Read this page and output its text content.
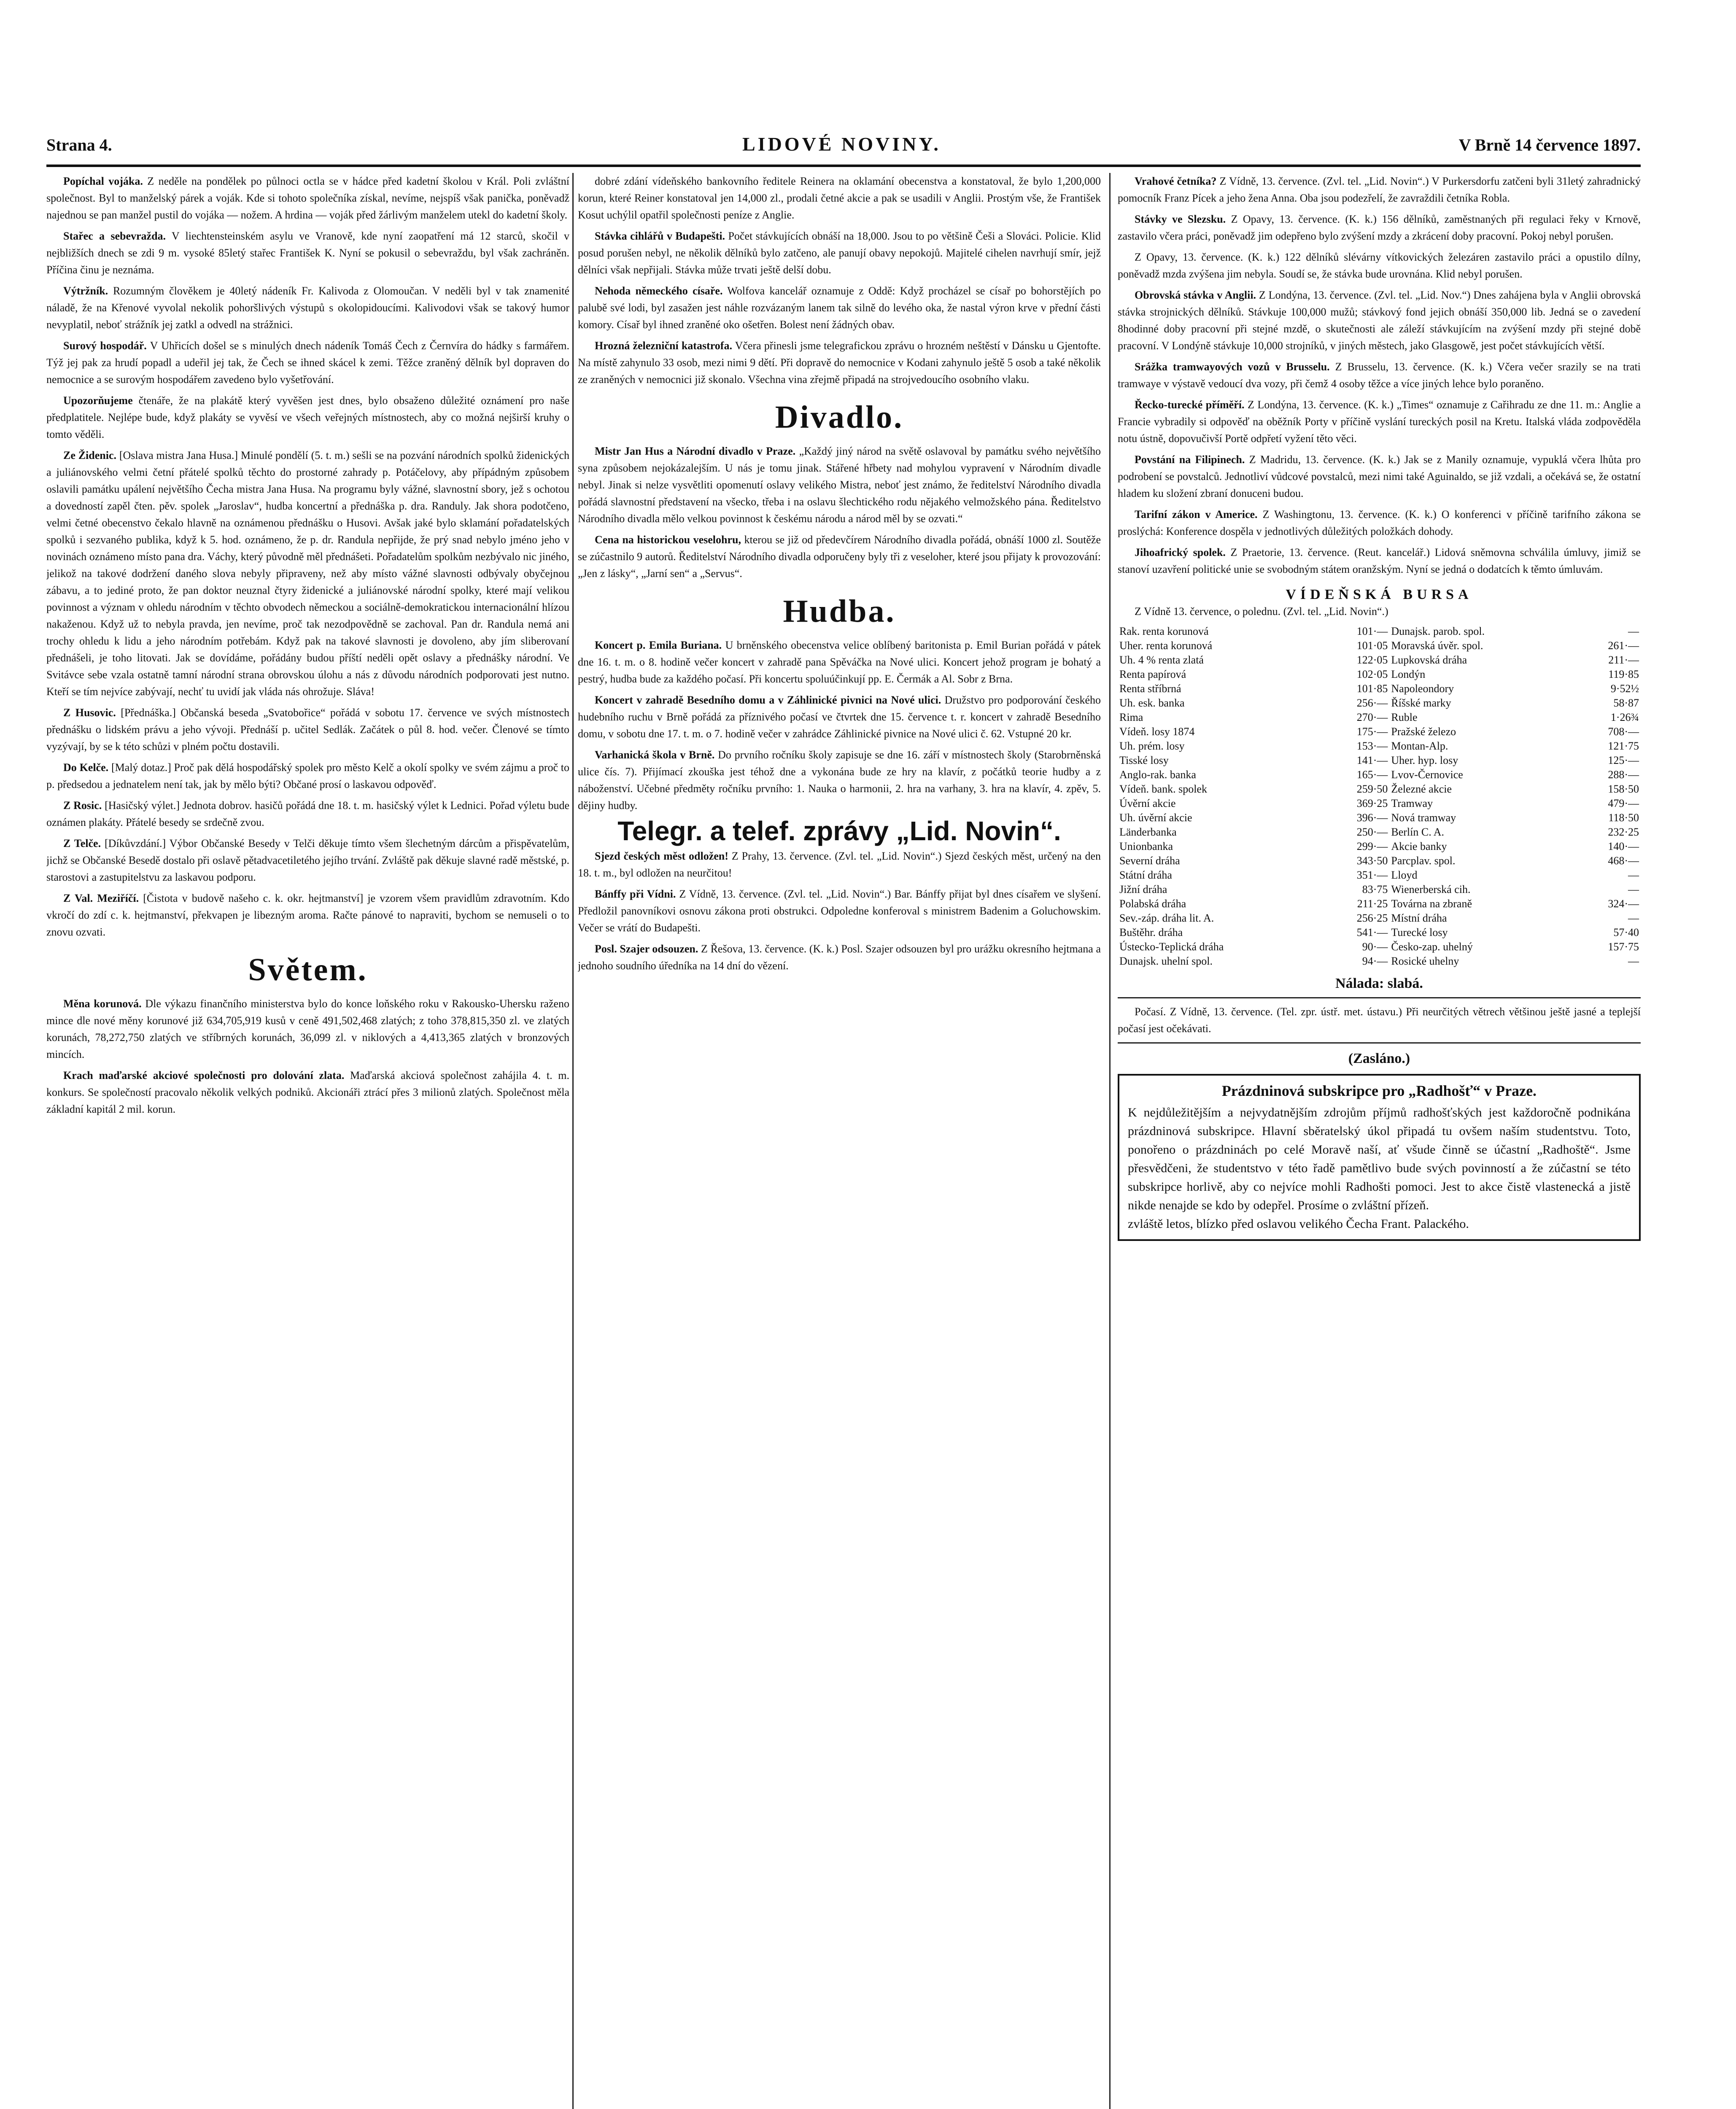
Strana 4.	LIDOVÉ NOVINY.	V Brně 14 července 1897.
Popíchal vojáka. Z neděle na pondělek po půlnoci octla se v hádce před kadetní školou v Král. Poli zvláštní společnost. Byl to manželský párek a voják. Kde si tohoto společníka získal, nevíme, nejspíš však panička, poněvadž najednou se pan manžel pustil do vojáka — nožem. A hrdina — voják před žárlivým manželem utekl do kadetní školy.
Stařec a sebevražda. V liechtensteinském asylu ve Vranově, kde nyní zaopatření má 12 starců, skočil v nejbližších dnech se zdi 9 m. vysoké 85letý stařec František K. Nyní se pokusil o sebevraždu, byl však zachráněn. Příčina činu je neznáma.
Výtržník. Rozumným člověkem je 40letý nádeník Fr. Kalivoda z Olomoučan. V neděli byl v tak znamenité náladě, že na Křenové vyvolal nekolik pohoršlivých výstupů s okolopidoucími. Kalivodovi však se takový humor nevyplatil, neboť strážník jej zatkl a odvedl na strážnici.
Surový hospodář. V Uhřicích došel se s minulých dnech nádeník Tomáš Čech z Černvíra do hádky s farmářem. Týž jej pak za hrudí popadl a udeřil jej tak, že Čech se ihned skácel k zemi. Těžce zraněný dělník byl dopraven do nemocnice a se surovým hospodářem zavedeno bylo vyšetřování.
Upozorňujeme čtenáře, že na plakátě který vyvěšen jest dnes, bylo obsaženo důležité oznámení pro naše předplatitele. Nejlépe bude, když plakáty se vyvěsí ve všech veřejných místnostech, aby co možná nejširší kruhy o tomto věděli.
Ze Židenic. [Oslava mistra Jana Husa.] Minulé pondělí (5. t. m.) sešli se na pozvání národních spolků židenických a juliánovského velmi četní přátelé spolků těchto do prostorné zahrady p. Potáčelovy, aby přípádným způsobem oslavili památku upálení největšího Čecha mistra Jana Husa. Na programu byly vážné, slavnostní sbory, jež s ochotou a dovedností zapěl čten. pěv. spolek „Jaroslav“, hudba koncertní a přednáška p. dra. Randuly. Jak shora podotčeno, velmi četné obecenstvo čekalo hlavně na oznámenou přednášku o Husovi. Avšak jaké bylo sklamání pořadatelských spolků i sezvaného publika, když k 5. hod. oznámeno, že p. dr. Randula nepřijde, že prý snad nebylo jméno jeho v novinách oznámeno místo pana dra. Váchy, který původně měl přednášeti. Pořadatelům spolkům nezbývalo nic jiného, jelikož na takové dodržení daného slova nebyly připraveny, než aby místo vážné slavnosti odbývaly obyčejnou zábavu, a to jediné proto, že pan doktor neuznal čtyry židenické a juliánovské národní spolky, které mají velikou povinnost a význam v ohledu národním v těchto obvodech německou a sociálně-demokratickou internacionální hlízou nakaženou. Když už to nebyla pravda, jen nevíme, proč tak nezodpovědně se zachoval. Pan dr. Randula nemá ani trochy ohledu k lidu a jeho národním potřebám. Když pak na takové slavnosti je dovoleno, aby jím sliberovaní přednášeli, je toho litovati. Jak se dovídáme, pořádány budou příští neděli opět oslavy a přednášky národní. Ve Svitávce sebe vzala ostatně tamní národní strana obrovskou úlohu a nás z důvodu národních podporovati jest nutno. Kteří se tím nejvíce zabývají, nechť tu uvidí jak vláda nás ohrožuje. Sláva!
Z Husovic. [Přednáška.] Občanská beseda „Svatobořice“ pořádá v sobotu 17. července ve svých místnostech přednášku o lidském právu a jeho vývoji. Přednáší p. učitel Sedlák. Začátek o půl 8. hod. večer. Členové se tímto vyzývají, by se k této schůzi v plném počtu dostavili.
Do Kelče. [Malý dotaz.] Proč pak dělá hospodářský spolek pro město Kelč a okolí spolky ve svém zájmu a proč to p. předsedou a jednatelem není tak, jak by mělo býti? Občané prosí o laskavou odpověď.
Z Rosic. [Hasičský výlet.] Jednota dobrov. hasičů pořádá dne 18. t. m. hasičský výlet k Lednici. Pořad výletu bude oznámen plakáty. Přátelé besedy se srdečně zvou.
Z Telče. [Díkůvzdání.] Výbor Občanské Besedy v Telči děkuje tímto všem šlechetným dárcům a přispěvatelům, jichž se Občanské Besedě dostalo při oslavě pětadvacetiletého jejího trvání. Zvláště pak děkuje slavné radě městské, p. starostovi a zastupitelstvu za laskavou podporu.
Z Val. Meziříčí. [Čistota v budově našeho c. k. okr. hejtmanství] je vzorem všem pravidlům zdravotním. Kdo vkročí do zdí c. k. hejtmanství, překvapen je libezným aroma. Račte pánové to napraviti, bychom se nemuseli o to znovu ozvati.
Světem.
Měna korunová. Dle výkazu finančního ministerstva bylo do konce loňského roku v Rakousko-Uhersku raženo mince dle nové měny korunové již 634,705,919 kusů v ceně 491,502,468 zlatých; z toho 378,815,350 zl. ve zlatých korunách, 78,272,750 zlatých ve stříbrných korunách, 36,099 zl. v niklových a 4,413,365 zlatých v bronzových mincích.
Krach maďarské akciové společnosti pro dolování zlata. Maďarská akciová společnost zahájila 4. t. m. konkurs. Se společností pracovalo několik velkých podniků. Akcionáři ztrácí přes 3 milionů zlatých. Společnost měla základní kapitál 2 mil. korun.
dobré zdání vídeňského bankovního ředitele Reinera na oklamání obecenstva a konstatoval, že bylo 1,200,000 korun, které Reiner konstatoval jen 14,000 zl., prodali četné akcie a pak se usadili v Anglii. Prostým vše, že František Kosut uchýlil opatřil společnosti peníze z Anglie.
Stávka cihlářů v Budapešti. Počet stávkujících obnáší na 18,000. Jsou to po většině Češi a Slováci. Policie. Klid posud porušen nebyl, ne několik dělníků bylo zatčeno, ale panují obavy nepokojů. Majitelé cihelen navrhují smír, jejž dělníci však nepřijali. Stávka může trvati ještě delší dobu.
Nehoda německého císaře. Wolfova kancelář oznamuje z Oddě: Když procházel se císař po bohorstějích po palubě své lodi, byl zasažen jest náhle rozvázaným lanem tak silně do levého oka, že nastal výron krve v přední části komory. Císař byl ihned zraněné oko ošetřen. Bolest není žádných obav.
Hrozná železniční katastrofa. Včera přinesli jsme telegrafickou zprávu o hrozném neštěstí v Dánsku u Gjentofte. Na místě zahynulo 33 osob, mezi nimi 9 dětí. Při dopravě do nemocnice v Kodani zahynulo ještě 5 osob a také několik ze zraněných v nemocnici již skonalo. Všechna vina zřejmě připadá na strojvedoucího osobního vlaku.
Divadlo.
Mistr Jan Hus a Národní divadlo v Praze. „Každý jiný národ na světě oslavoval by památku svého největšího syna způsobem nejokázalejším. U nás je tomu jinak. Stářené hřbety nad mohylou vypravení v Národním divadle nebyl. Jinak si nelze vysvětliti opomenutí oslavy velikého Mistra, neboť jest známo, že ředitelství Národního divadla pořádá slavnostní představení na všecko, třeba i na oslavu šlechtického rodu nějakého velmožského pána. Ředitelstvo Národního divadla mělo velkou povinnost k českému národu a národ měl by se ozvati.“
Cena na historickou veselohru, kterou se již od předevčírem Národního divadla pořádá, obnáší 1000 zl. Soutěže se zúčastnilo 9 autorů. Ředitelství Národního divadla odporučeny byly tři z veseloher, které jsou přijaty k provozování: „Jen z lásky“, „Jarní sen“ a „Servus“.
Hudba.
Koncert p. Emila Buriana. U brněnského obecenstva velice oblíbený baritonista p. Emil Burian pořádá v pátek dne 16. t. m. o 8. hodině večer koncert v zahradě pana Spěváčka na Nové ulici. Koncert jehož program je bohatý a pestrý, hudba bude za každého počasí. Při koncertu spoluúčinkují pp. E. Čermák a Al. Sobr z Brna.
Koncert v zahradě Besedního domu a v Záhlinické pivnici na Nové ulici. Družstvo pro podporování českého hudebního ruchu v Brně pořádá za příznivého počasí ve čtvrtek dne 15. července t. r. koncert v zahradě Besedního domu, v sobotu dne 17. t. m. o 7. hodině večer v zahrádce Záhlinické pivnice na Nové ulici č. 62. Vstupné 20 kr.
Varhanická škola v Brně. Do prvního ročníku školy zapisuje se dne 16. září v místnostech školy (Starobrněnská ulice čís. 7). Přijímací zkouška jest téhož dne a vykonána bude ze hry na klavír, z počátků teorie hudby a z náboženství. Učebné předměty ročníku prvního: 1. Nauka o harmonii, 2. hra na varhany, 3. hra na klavír, 4. zpěv, 5. dějiny hudby.
Telegr. a telef. zprávy „Lid. Novin“.
Sjezd českých měst odložen! Z Prahy, 13. července. (Zvl. tel. „Lid. Novin“.) Sjezd českých měst, určený na den 18. t. m., byl odložen na neurčitou!
Bánffy při Vídni. Z Vídně, 13. července. (Zvl. tel. „Lid. Novin“.) Bar. Bánffy přijat byl dnes císařem ve slyšení. Předložil panovníkovi osnovu zákona proti obstrukci. Odpoledne konferoval s ministrem Badenim a Goluchowskim. Večer se vrátí do Budapešti.
Posl. Szajer odsouzen. Z Řešova, 13. července. (K. k.) Posl. Szajer odsouzen byl pro urážku okresního hejtmana a jednoho soudního úředníka na 14 dní do vězení.
Vrahové četníka? Z Vídně, 13. července. (Zvl. tel. „Lid. Novin“.) V Purkersdorfu zatčeni byli 31letý zahradnický pomocník Franz Pícek a jeho žena Anna. Oba jsou podezřelí, že zavraždili četníka Robla.
Stávky ve Slezsku. Z Opavy, 13. července. (K. k.) 156 dělníků, zaměstnaných při regulaci řeky v Krnově, zastavilo včera práci, poněvadž jim odepřeno bylo zvýšení mzdy a zkrácení doby pracovní. Pokoj nebyl porušen.
Z Opavy, 13. července. (K. k.) 122 dělníků slévárny vítkovických železáren zastavilo práci a opustilo dílny, poněvadž mzda zvýšena jim nebyla. Soudí se, že stávka bude urovnána. Klid nebyl porušen.
Obrovská stávka v Anglii. Z Londýna, 13. července. (Zvl. tel. „Lid. Nov.“) Dnes zahájena byla v Anglii obrovská stávka strojnických dělníků. Stávkuje 100,000 mužů; stávkový fond jejich obnáší 350,000 lib. Jedná se o zavedení 8hodinné doby pracovní při stejné mzdě, o skutečnosti ale záleží stávkujícím na zvýšení mzdy při stejné době pracovní. V Londýně stávkuje 10,000 strojníků, v jiných městech, jako Glasgowě, jest počet stávkujících větší.
Srážka tramwayových vozů v Brusselu. Z Brusselu, 13. července. (K. k.) Včera večer srazily se na trati tramwaye v výstavě vedoucí dva vozy, při čemž 4 osoby těžce a více jiných lehce bylo poraněno.
Řecko-turecké příměří. Z Londýna, 13. července. (K. k.) „Times“ oznamuje z Cařihradu ze dne 11. m.: Anglie a Francie vybradily si odpověď na oběžník Porty v příčině vyslání tureckých posil na Kretu. Italská vláda zodpověděla notu ústně, dopovučivší Portě odpřetí vyžení těto věci.
Povstání na Filipinech. Z Madridu, 13. července. (K. k.) Jak se z Manily oznamuje, vypuklá včera lhůta pro podrobení se povstalců. Jednotliví vůdcové povstalců, mezi nimi také Aguinaldo, se již vzdali, a očekává se, že ostatní hladem ku složení zbraní donuceni budou.
Tarifní zákon v Americe. Z Washingtonu, 13. července. (K. k.) O konferenci v příčině tarifního zákona se proslýchá: Konference dospěla v jednotlivých důležitých položkách dohody.
Jihoafrický spolek. Z Praetorie, 13. července. (Reut. kancelář.) Lidová sněmovna schválila úmluvy, jimiž se stanoví uzavření politické unie se svobodným státem oranžským. Nyní se jedná o dodatcích k těmto úmluvám.
VÍDEŇSKÁ BURSA
Z Vídně 13. července, o polednu. (Zvl. tel. „Lid. Novin“.)
Rak. renta korunová	101·—	Dunajsk. parob. spol.	—
Uher. renta korunová	101·05	Moravská úvěr. spol.	261·—
Uh. 4 % renta zlatá	122·05	Lupkovská dráha	211·—
Renta papírová	102·05	Londýn	119·85
Renta stříbrná	101·85	Napoleondory	9·52½
Uh. esk. banka	256·—	Říšské marky	58·87
Rima	270·—	Ruble	1·26¾
Vídeň. losy 1874	175·—	Pražské železo	708·—
Uh. prém. losy	153·—	Montan-Alp.	121·75
Tisské losy	141·—	Uher. hyp. losy	125·—
Anglo-rak. banka	165·—	Lvov-Černovice	288·—
Vídeň. bank. spolek	259·50	Železné akcie	158·50
Úvěrní akcie	369·25	Tramway	479·—
Uh. úvěrní akcie	396·—	Nová tramway	118·50
Länderbanka	250·—	Berlín C. A.	232·25
Unionbanka	299·—	Akcie banky	140·—
Severní dráha	343·50	Parcplav. spol.	468·—
Státní dráha	351·—	Lloyd	—
Jižní dráha	83·75	Wienerberská cih.	—
Polabská dráha	211·25	Továrna na zbraně	324·—
Sev.-záp. dráha lit. A.	256·25	Místní dráha	—
Buštěhr. dráha	541·—	Turecké losy	57·40
Ústecko-Teplická dráha	90·—	Česko-zap. uhelný	157·75
Dunajsk. uhelní spol.	94·—	Rosické uhelny	—
Nálada: slabá.
Počasí. Z Vídně, 13. července. (Tel. zpr. ústř. met. ústavu.) Při neurčitých větrech většinou ještě jasné a teplejší počasí jest očekávati.
(Zasláno.)
Prázdninová subskripce pro „Radhošť“ v Praze.
K nejdůležitějším a nejvydatnějším zdrojům příjmů radhošťských jest každoročně podnikána prázdninová subskripce. Hlavní sběratelský úkol připadá tu ovšem naším studentstvu. Toto, ponořeno o prázdninách po celé Moravě naší, ať všude činně se účastní „Radhoště“. Jsme přesvědčeni, že studentstvo v této řadě pamětlivo bude svých povinností a že zúčastní se této subskripce horlivě, aby co nejvíce mohli Radhošti pomoci. Jest to akce čistě vlastenecká a jistě nikde nenajde se kdo by odepřel. Prosíme o zvláštní přízeň.
zvláště letos, blízko před oslavou velikého Čecha Frant. Palackého.
